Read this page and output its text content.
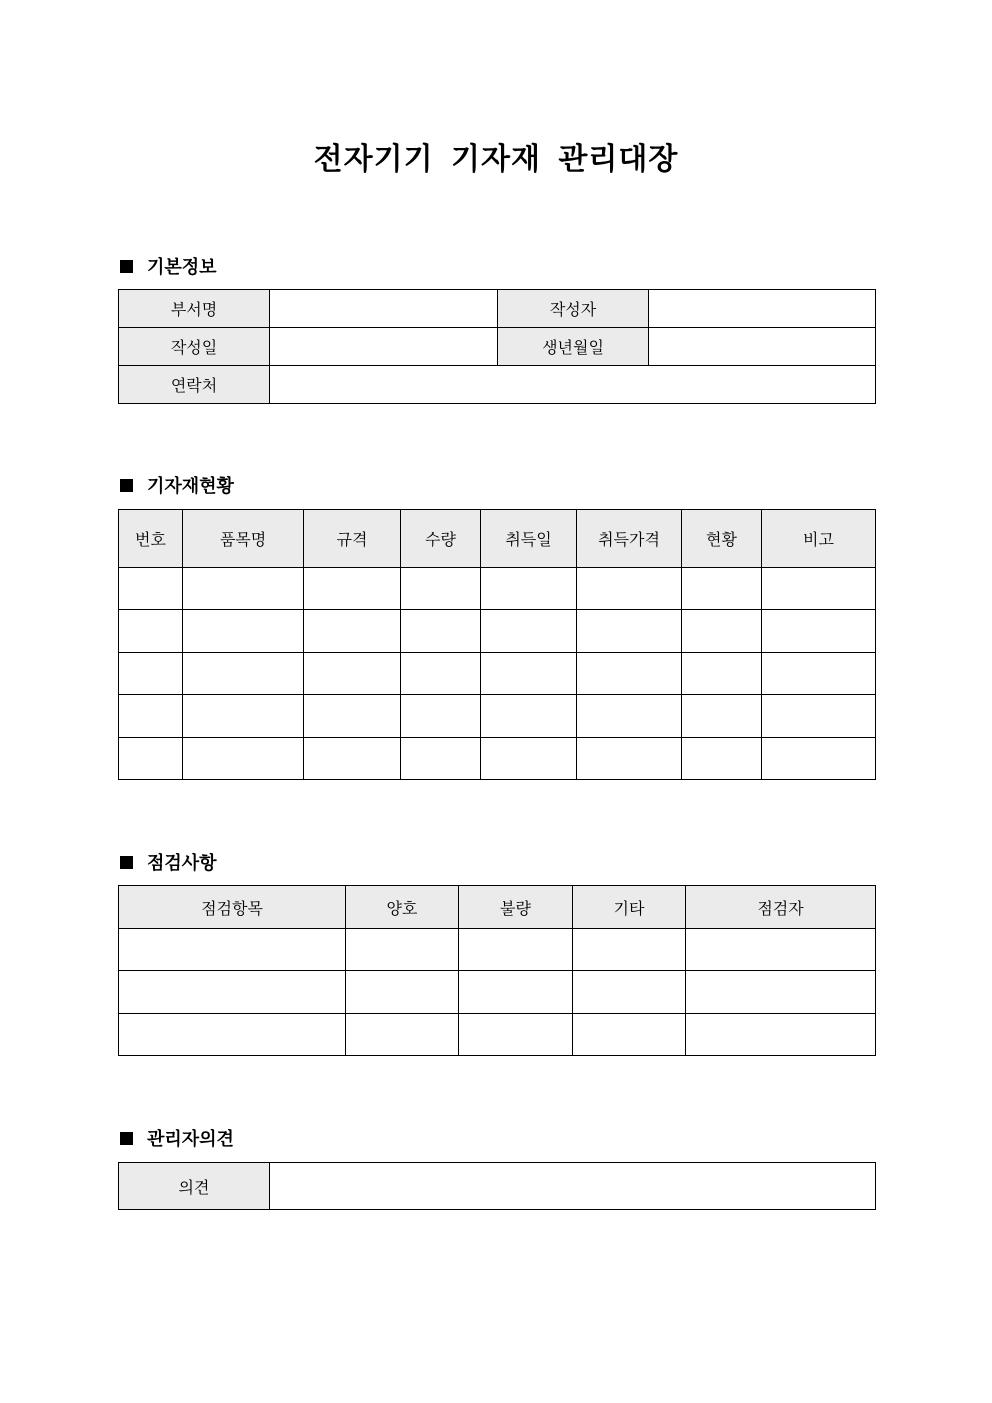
전자기기 기자재 관리대장
기본정보
부서명		작성자	
작성일		생년월일	
연락처			
기자재현황
번호	품목명	규격	수량	취득일	취득가격	현황	비고

점검사항
점검항목	양호	불량	기타	점검자

관리자의견
의견	
